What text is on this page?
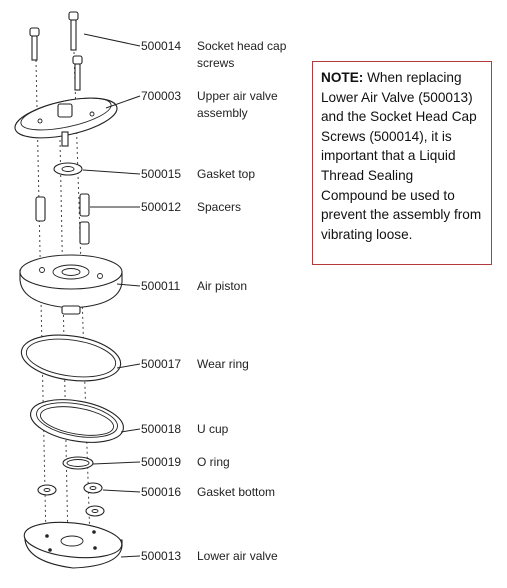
500014
700003
500015
500012
500011
500017
500018
500019
500016
500013
Socket head cap
screws
Upper air valve
assembly
Gasket top
Spacers
Air piston
Wear ring
U cup
O ring
Gasket bottom
Lower air valve
NOTE: When replacing Lower Air Valve (500013) and the Socket Head Cap Screws (500014), it is important that a Liquid Thread Sealing Compound be used to prevent the assembly from vibrating loose.
